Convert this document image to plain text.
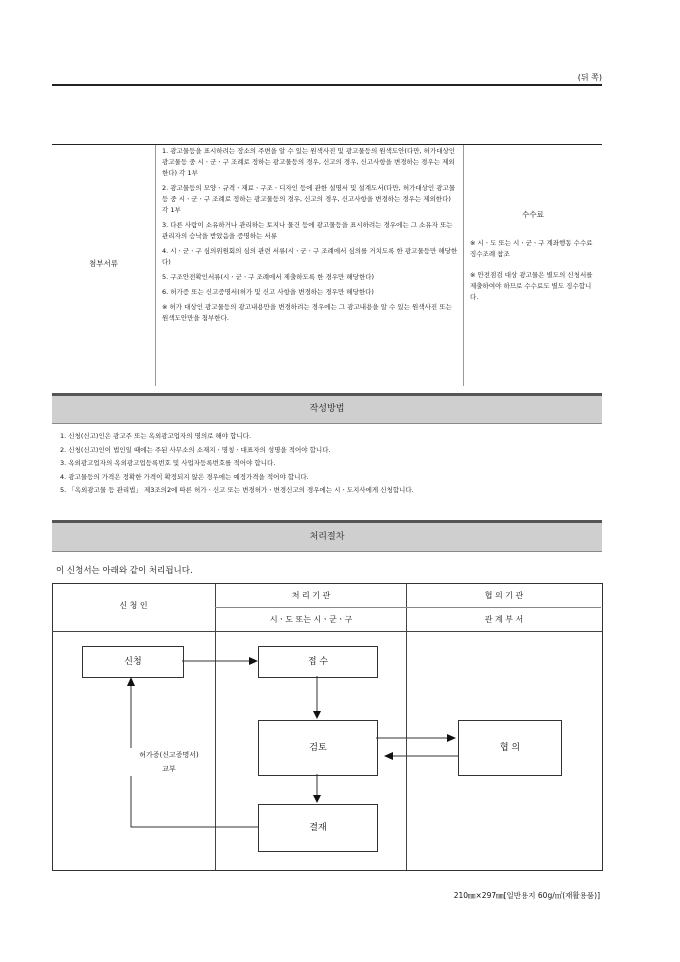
(뒤 쪽)
첨부서류
1. 광고물등을 표시하려는 장소의 주변을 알 수 있는 원색사진 및 광고물등의 원색도안(다만, 허가대상인 광고물등 중 시ㆍ군ㆍ구 조례로 정하는 광고물등의 경우, 신고의 경우, 신고사항을 변경하는 경우는 제외한다) 각 1부
2. 광고물등의 모양ㆍ규격ㆍ재료ㆍ구조ㆍ디자인 등에 관한 설명서 및 설계도서(다만, 허가대상인 광고물등 중 시ㆍ군ㆍ구 조례로 정하는 광고물등의 경우, 신고의 경우, 신고사항을 변경하는 경우는 제외한다) 각 1부
3. 다른 사람이 소유하거나 관리하는 토지나 물건 등에 광고물등을 표시하려는 경우에는 그 소유자 또는 관리자의 승낙을 받았음을 증명하는 서류
4. 시ㆍ군ㆍ구 심의위원회의 심의 관련 서류(시ㆍ군ㆍ구 조례에서 심의를 거치도록 한 광고물등만 해당한다)
5. 구조안전확인서류(시ㆍ군ㆍ구 조례에서 제출하도록 한 경우만 해당한다)
6. 허가증 또는 신고증명서(허가 및 신고 사항을 변경하는 경우만 해당한다)
※ 허가 대상인 광고물등의 광고내용만을 변경하려는 경우에는 그 광고내용을 알 수 있는 원색사진 또는 원색도안만을 첨부한다.
수수료
※ 시ㆍ도 또는 시ㆍ군ㆍ구 계좌행동 수수료 징수조례 참조
※ 안전점검 대상 광고물은 별도의 신청서를 제출하여야 하므로 수수료도 별도 징수합니다.
작성방법
1. 신청(신고)인은 광고주 또는 옥외광고업자의 명의로 해야 합니다.
2. 신청(신고)인이 법인일 때에는 주된 사무소의 소재지ㆍ명칭ㆍ대표자의 성명을 적어야 합니다.
3. 옥외광고업자의 옥외광고업등록번호 및 사업자등록번호를 적어야 합니다.
4. 광고물등의 가격은 정확한 가격이 확정되지 않은 경우에는 예정가격을 적어야 합니다.
5. 「옥외광고물 등 관리법」 제3조의2에 따른 허가ㆍ신고 또는 변경허가ㆍ변경신고의 경우에는 시ㆍ도지사에게 신청합니다.
처리절차
이 신청서는 아래와 같이 처리됩니다.
신 청 인
처 리 기 관
시ㆍ도 또는 시ㆍ군ㆍ구
협 의 기 관
관 계 부 서
신청	접 수
검토	협 의
결재
허가증(신고증명서)
교부
210㎜×297㎜[일반용지 60g/㎡(재활용품)]
